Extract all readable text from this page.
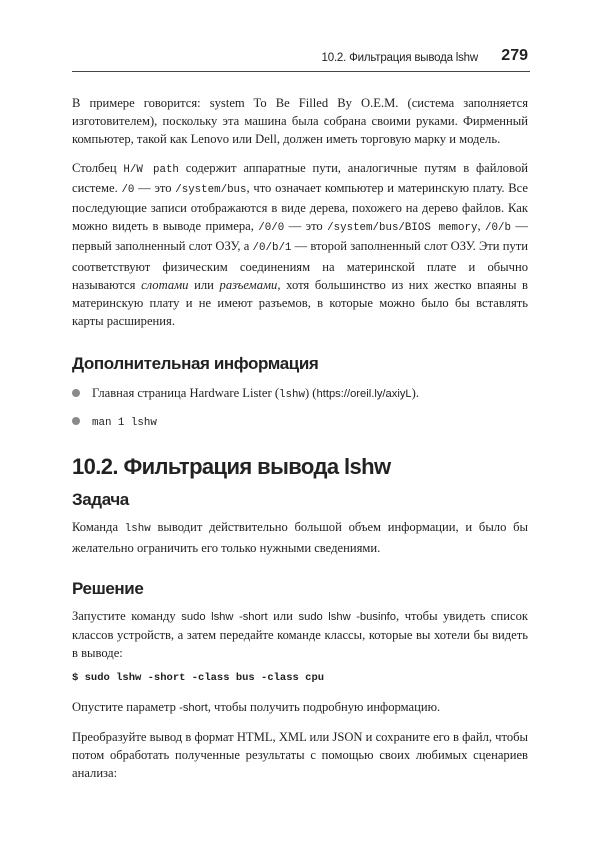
10.2. Фильтрация вывода lshw 279

В примере говорится: system To Be Filled By O.E.M. (система заполняется изготовителем), поскольку эта машина была собрана своими руками. Фирменный компьютер, такой как Lenovo или Dell, должен иметь торговую марку и модель.

Столбец H/W path содержит аппаратные пути, аналогичные путям в файловой системе. /0 — это /system/bus, что означает компьютер и материнскую плату. Все последующие записи отображаются в виде дерева, похожего на дерево файлов. Как можно видеть в выводе примера, /0/0 — это /system/bus/BIOS memory, /0/b — первый заполненный слот ОЗУ, а /0/b/1 — второй заполненный слот ОЗУ. Эти пути соответствуют физическим соединениям на материнской плате и обычно называются слотами или разъемами, хотя большинство из них жестко впаяны в материнскую плату и не имеют разъемов, в которые можно было бы вставлять карты расширения.

Дополнительная информация
Главная страница Hardware Lister (lshw) (https://oreil.ly/axiyL).
man 1 lshw
10.2. Фильтрация вывода lshw
Задача

Команда lshw выводит действительно большой объем информации, и было бы желательно ограничить его только нужными сведениями.

Решение

Запустите команду sudo lshw -short или sudo lshw -businfo, чтобы увидеть список классов устройств, а затем передайте команде классы, которые вы хотели бы видеть в выводе:

$ sudo lshw -short -class bus -class cpu

Опустите параметр -short, чтобы получить подробную информацию.

Преобразуйте вывод в формат HTML, XML или JSON и сохраните его в файл, чтобы потом обработать полученные результаты с помощью своих любимых сценариев анализа:
